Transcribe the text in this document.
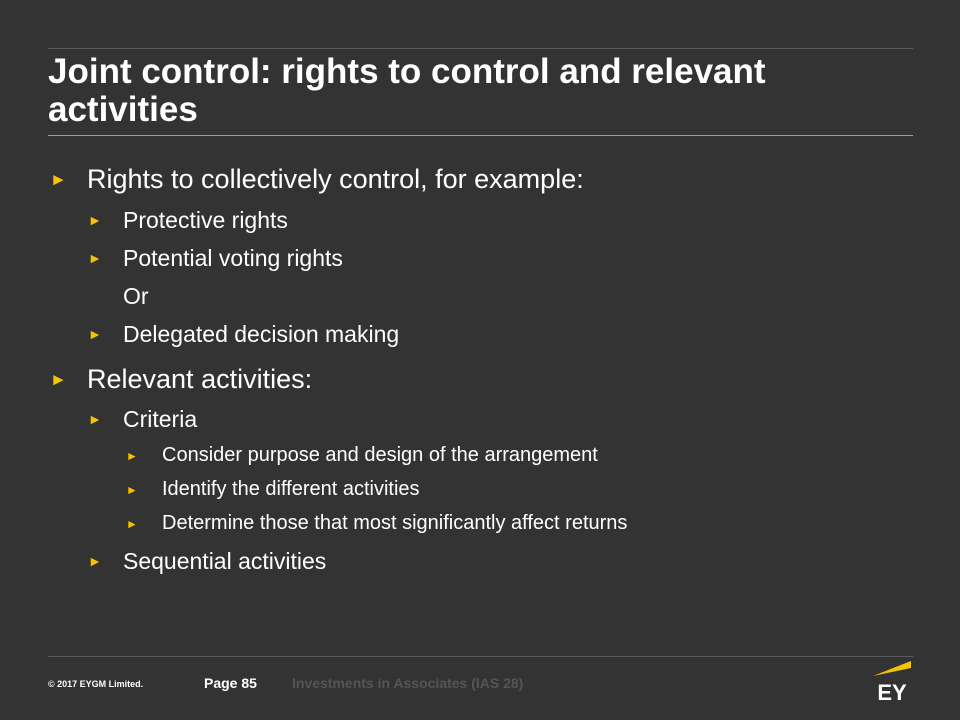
Joint control: rights to control and relevant activities
► Rights to collectively control, for example:
► Protective rights
► Potential voting rights
Or
► Delegated decision making
► Relevant activities:
► Criteria
► Consider purpose and design of the arrangement
► Identify the different activities
► Determine those that most significantly affect returns
► Sequential activities
© 2017 EYGM Limited.	Page 85	Investments in Associates (IAS 28)	EY
